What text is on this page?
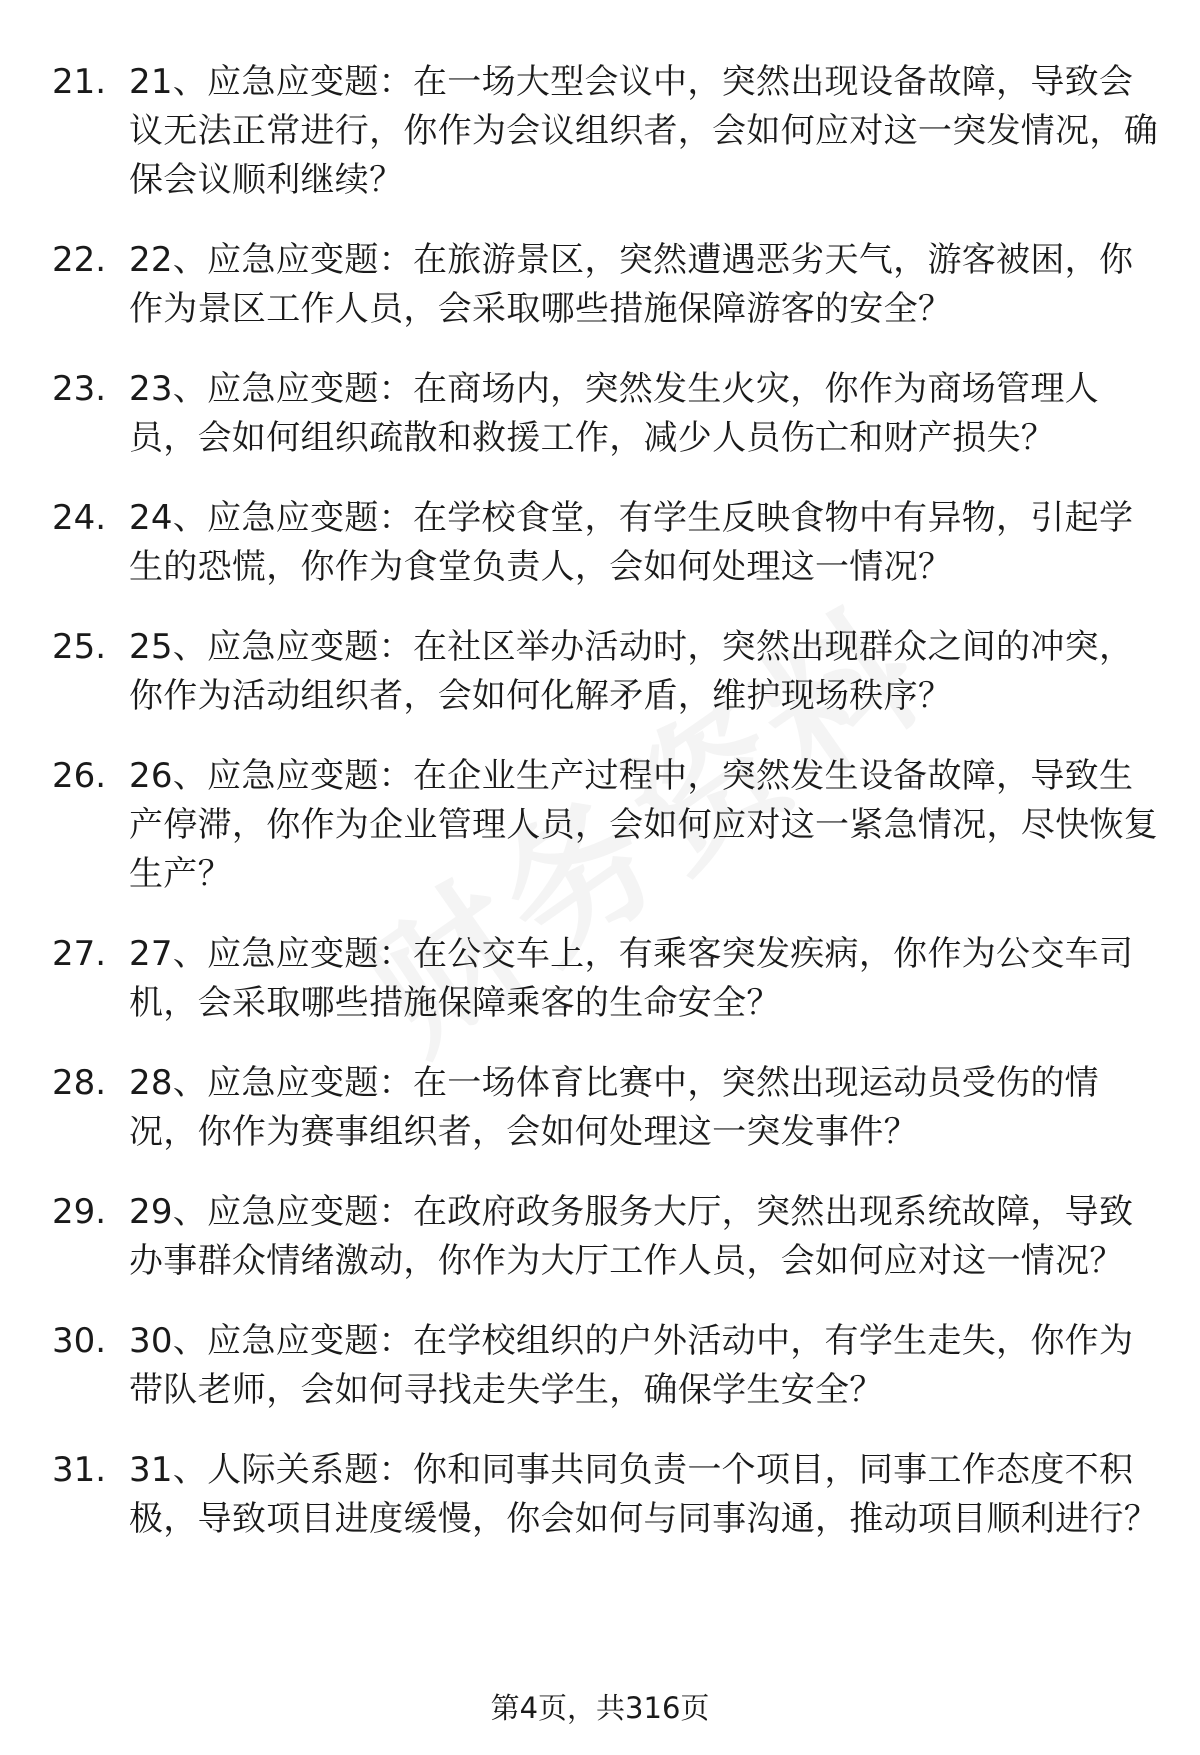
21. 21、应急应变题：在一场大型会议中，突然出现设备故障，导致会议无法正常进行，你作为会议组织者，会如何应对这一突发情况，确保会议顺利继续？
22. 22、应急应变题：在旅游景区，突然遭遇恶劣天气，游客被困，你作为景区工作人员，会采取哪些措施保障游客的安全？
23. 23、应急应变题：在商场内，突然发生火灾，你作为商场管理人员，会如何组织疏散和救援工作，减少人员伤亡和财产损失？
24. 24、应急应变题：在学校食堂，有学生反映食物中有异物，引起学生的恐慌，你作为食堂负责人，会如何处理这一情况？
25. 25、应急应变题：在社区举办活动时，突然出现群众之间的冲突，你作为活动组织者，会如何化解矛盾，维护现场秩序？
26. 26、应急应变题：在企业生产过程中，突然发生设备故障，导致生产停滞，你作为企业管理人员，会如何应对这一紧急情况，尽快恢复生产？
27. 27、应急应变题：在公交车上，有乘客突发疾病，你作为公交车司机，会采取哪些措施保障乘客的生命安全？
28. 28、应急应变题：在一场体育比赛中，突然出现运动员受伤的情况，你作为赛事组织者，会如何处理这一突发事件？
29. 29、应急应变题：在政府政务服务大厅，突然出现系统故障，导致办事群众情绪激动，你作为大厅工作人员，会如何应对这一情况？
30. 30、应急应变题：在学校组织的户外活动中，有学生走失，你作为带队老师，会如何寻找走失学生，确保学生安全？
31. 31、人际关系题：你和同事共同负责一个项目，同事工作态度不积极，导致项目进度缓慢，你会如何与同事沟通，推动项目顺利进行？
第4页，共316页
